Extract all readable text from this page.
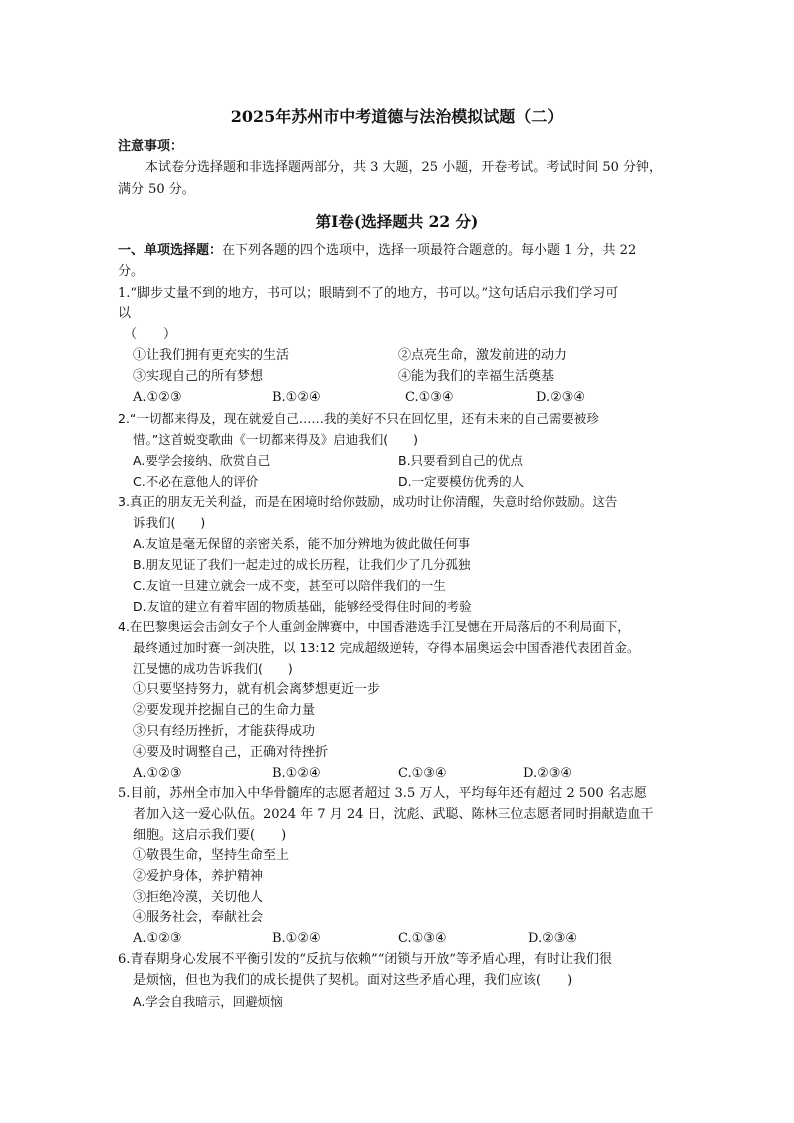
2025年苏州市中考道德与法治模拟试题（二）
注意事项：
本试卷分选择题和非选择题两部分，共 3 大题，25 小题，开卷考试。考试时间 50 分钟，
满分 50 分。
第Ⅰ卷(选择题共 22 分)
一、单项选择题：在下列各题的四个选项中，选择一项最符合题意的。每小题 1 分，共 22
分。
1.“脚步丈量不到的地方，书可以；眼睛到不了的地方，书可以。”这句话启示我们学习可
以
（　　）
①让我们拥有更充实的生活	②点亮生命，激发前进的动力
③实现自己的所有梦想	④能为我们的幸福生活奠基
A.①②③	B.①②④	C.①③④	D.②③④
2.“一切都来得及，现在就爱自己……我的美好不只在回忆里，还有未来的自己需要被珍
惜。”这首蜕变歌曲《一切都来得及》启迪我们(　　)
A.要学会接纳、欣赏自己	B.只要看到自己的优点
C.不必在意他人的评价	D.一定要模仿优秀的人
3.真正的朋友无关利益，而是在困境时给你鼓励，成功时让你清醒，失意时给你鼓励。这告
诉我们(　　)
A.友谊是毫无保留的亲密关系，能不加分辨地为彼此做任何事
B.朋友见证了我们一起走过的成长历程，让我们少了几分孤独
C.友谊一旦建立就会一成不变，甚至可以陪伴我们的一生
D.友谊的建立有着牢固的物质基础，能够经受得住时间的考验
4.在巴黎奥运会击剑女子个人重剑金牌赛中，中国香港选手江旻憓在开局落后的不利局面下，
最终通过加时赛一剑决胜，以 13:12 完成超级逆转，夺得本届奥运会中国香港代表团首金。
江旻憓的成功告诉我们(　　)
①只要坚持努力，就有机会离梦想更近一步
②要发现并挖掘自己的生命力量
③只有经历挫折，才能获得成功
④要及时调整自己，正确对待挫折
A.①②③	B.①②④	C.①③④	D.②③④
5.目前，苏州全市加入中华骨髓库的志愿者超过 3.5 万人，平均每年还有超过 2 500 名志愿
者加入这一爱心队伍。2024 年 7 月 24 日，沈彪、武聪、陈林三位志愿者同时捐献造血干
细胞。这启示我们要(　　)
①敬畏生命，坚持生命至上
②爱护身体，养护精神
③拒绝冷漠，关切他人
④服务社会，奉献社会
A.①②③	B.①②④	C.①③④	D.②③④
6.青春期身心发展不平衡引发的“反抗与依赖”“闭锁与开放”等矛盾心理，有时让我们很
是烦恼，但也为我们的成长提供了契机。面对这些矛盾心理，我们应该(　　)
A.学会自我暗示，回避烦恼
